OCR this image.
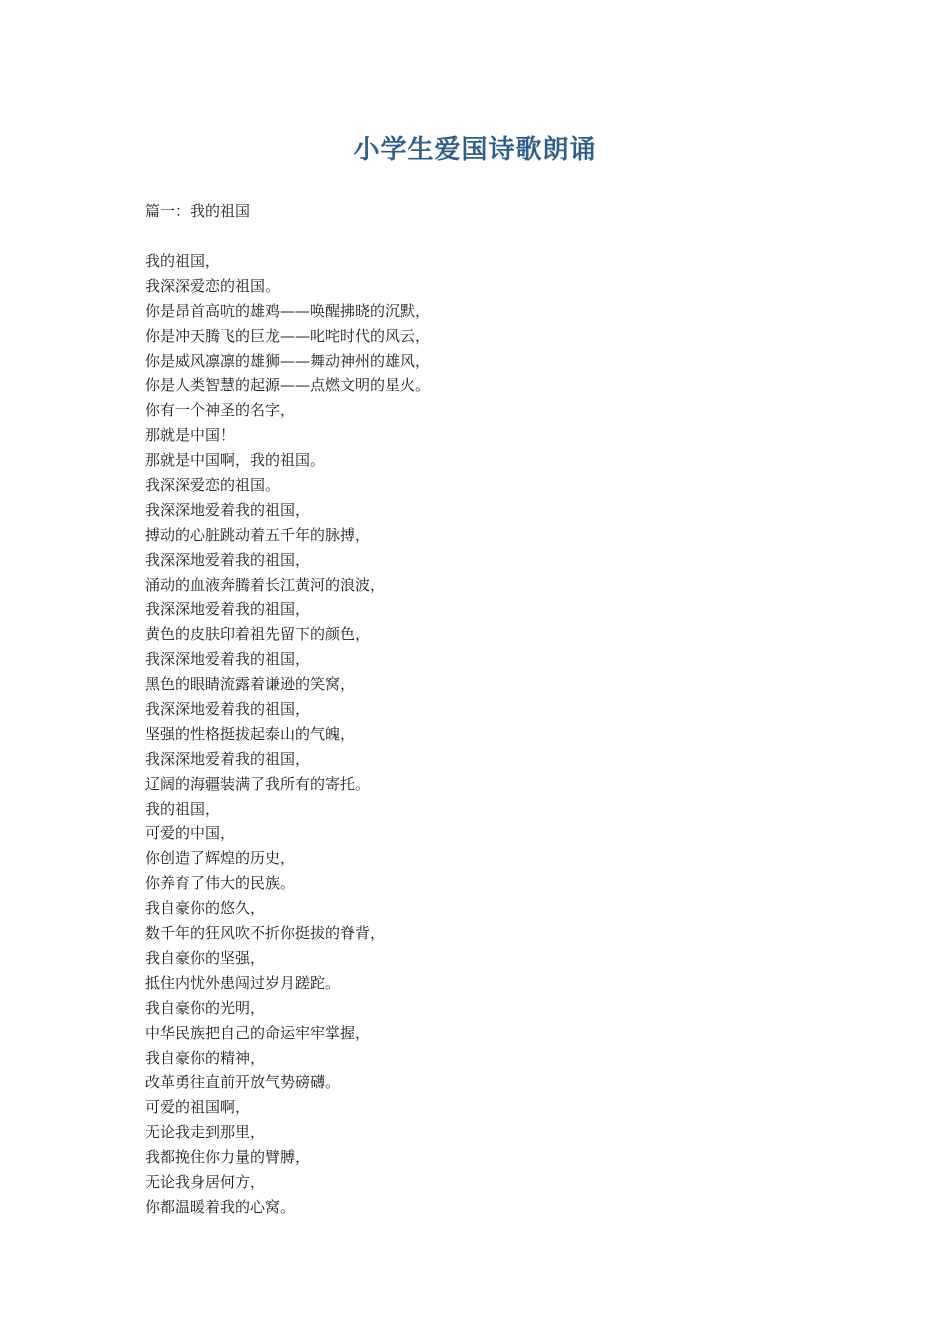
小学生爱国诗歌朗诵
篇一：我的祖国
我的祖国，
我深深爱恋的祖国。
你是昂首高吭的雄鸡——唤醒拂晓的沉默，
你是冲天腾飞的巨龙——叱咤时代的风云，
你是威风凛凛的雄狮——舞动神州的雄风，
你是人类智慧的起源——点燃文明的星火。
你有一个神圣的名字，
那就是中国！
那就是中国啊，我的祖国。
我深深爱恋的祖国。
我深深地爱着我的祖国，
搏动的心脏跳动着五千年的脉搏，
我深深地爱着我的祖国，
涌动的血液奔腾着长江黄河的浪波，
我深深地爱着我的祖国，
黄色的皮肤印着祖先留下的颜色，
我深深地爱着我的祖国，
黑色的眼睛流露着谦逊的笑窝，
我深深地爱着我的祖国，
坚强的性格挺拔起泰山的气魄，
我深深地爱着我的祖国，
辽阔的海疆装满了我所有的寄托。
我的祖国，
可爱的中国，
你创造了辉煌的历史，
你养育了伟大的民族。
我自豪你的悠久，
数千年的狂风吹不折你挺拔的脊背，
我自豪你的坚强，
抵住内忧外患闯过岁月蹉跎。
我自豪你的光明，
中华民族把自己的命运牢牢掌握，
我自豪你的精神，
改革勇往直前开放气势磅礴。
可爱的祖国啊，
无论我走到那里，
我都挽住你力量的臂膊，
无论我身居何方，
你都温暖着我的心窝。
